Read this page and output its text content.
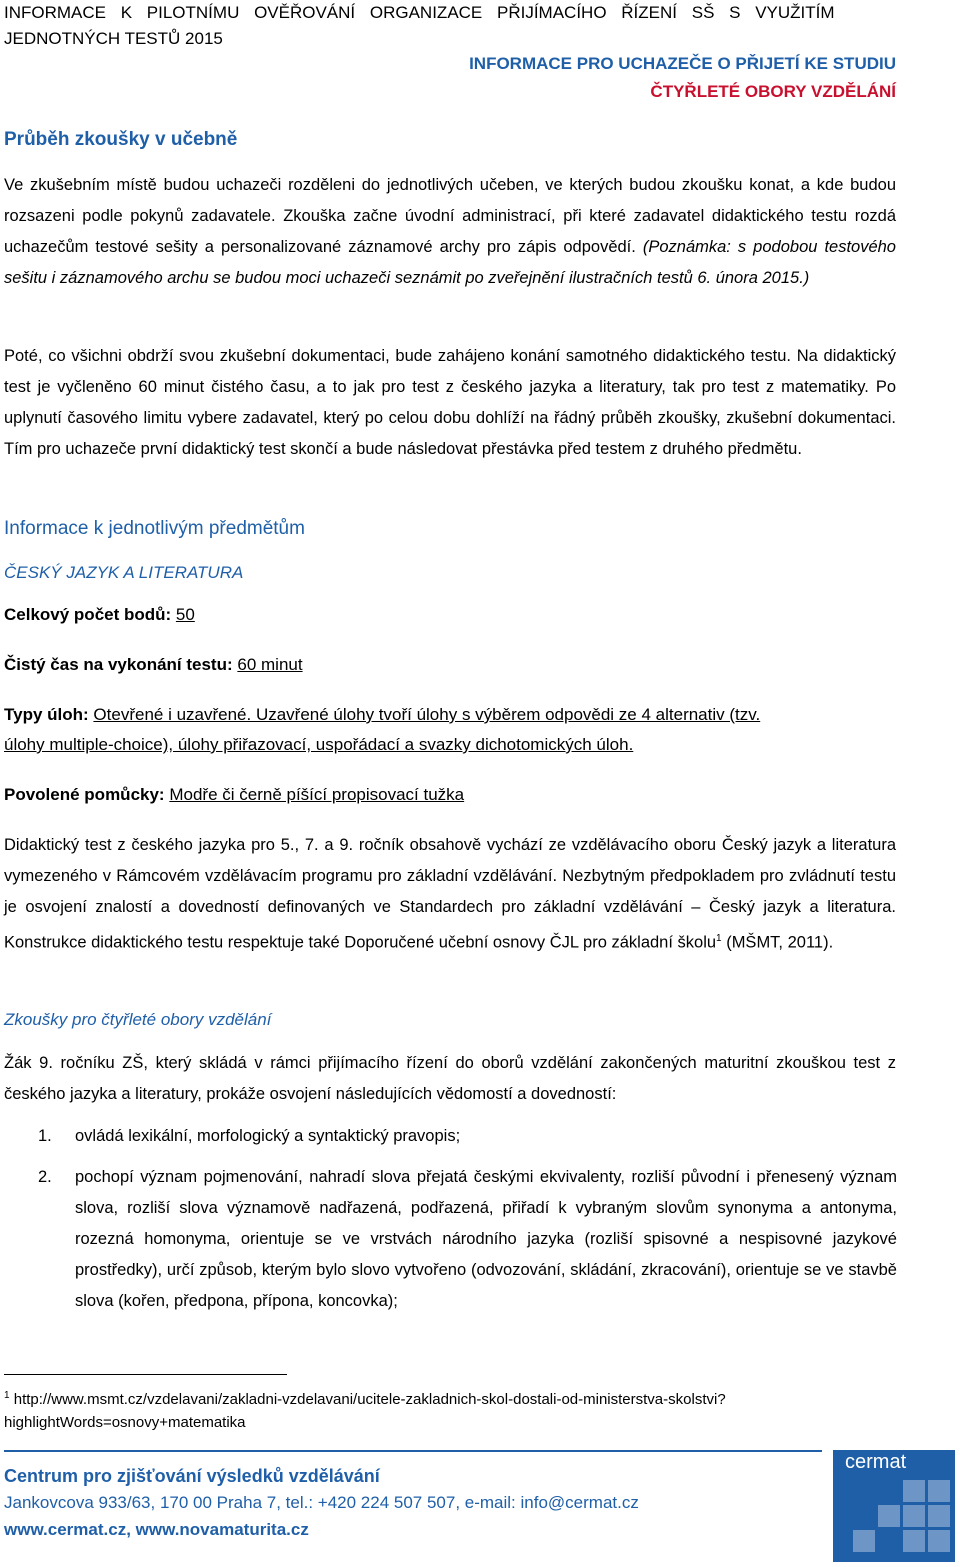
INFORMACE K PILOTNÍMU OVĚŘOVÁNÍ ORGANIZACE PŘIJÍMACÍHO ŘÍZENÍ SŠ S VYUŽITÍM
JEDNOTNÝCH TESTŮ 2015
INFORMACE PRO UCHAZEČE O PŘIJETÍ KE STUDIU
ČTYŘLETÉ OBORY VZDĚLÁNÍ
Průběh zkoušky v učebně

Ve zkušebním místě budou uchazeči rozděleni do jednotlivých učeben, ve kterých budou zkoušku konat, a kde budou rozsazeni podle pokynů zadavatele. Zkouška začne úvodní administrací, při které zadavatel didaktického testu rozdá uchazečům testové sešity a personalizované záznamové archy pro zápis odpovědí. (Poznámka: s podobou testového sešitu i záznamového archu se budou moci uchazeči seznámit po zveřejnění ilustračních testů 6. února 2015.)

Poté, co všichni obdrží svou zkušební dokumentaci, bude zahájeno konání samotného didaktického testu. Na didaktický test je vyčleněno 60 minut čistého času, a to jak pro test z českého jazyka a literatury, tak pro test z matematiky. Po uplynutí časového limitu vybere zadavatel, který po celou dobu dohlíží na řádný průběh zkoušky, zkušební dokumentaci. Tím pro uchazeče první didaktický test skončí a bude následovat přestávka před testem z druhého předmětu.

Informace k jednotlivým předmětům
ČESKÝ JAZYK A LITERATURA
Celkový počet bodů: 50
Čistý čas na vykonání testu: 60 minut
Typy úloh: Otevřené i uzavřené. Uzavřené úlohy tvoří úlohy s výběrem odpovědi ze 4 alternativ (tzv.
úlohy multiple-choice), úlohy přiřazovací, uspořádací a svazky dichotomických úloh.
Povolené pomůcky: Modře či černě píšící propisovací tužka

Didaktický test z českého jazyka pro 5., 7. a 9. ročník obsahově vychází ze vzdělávacího oboru Český jazyk a literatura vymezeného v Rámcovém vzdělávacím programu pro základní vzdělávání. Nezbytným předpokladem pro zvládnutí testu je osvojení znalostí a dovedností definovaných ve Standardech pro základní vzdělávání – Český jazyk a literatura. Konstrukce didaktického testu respektuje také Doporučené učební osnovy ČJL pro základní školu$^1$ (MŠMT, 2011).

Zkoušky pro čtyřleté obory vzdělání

Žák 9. ročníku ZŠ, který skládá v rámci přijímacího řízení do oborů vzdělání zakončených maturitní zkouškou test z českého jazyka a literatury, prokáže osvojení následujících vědomostí a dovedností:

1. ovládá lexikální, morfologický a syntaktický pravopis;
2. pochopí význam pojmenování, nahradí slova přejatá českými ekvivalenty, rozliší původní i přenesený význam slova, rozliší slova významově nadřazená, podřazená, přiřadí k vybraným slovům synonyma a antonyma, rozezná homonyma, orientuje se ve vrstvách národního jazyka (rozliší spisovné a nespisovné jazykové prostředky), určí způsob, kterým bylo slovo vytvořeno (odvozování, skládání, zkracování), orientuje se ve stavbě slova (kořen, předpona, přípona, koncovka);
$^1$ http://www.msmt.cz/vzdelavani/zakladni-vzdelavani/ucitele-zakladnich-skol-dostali-od-ministerstva-skolstvi?highlightWords=osnovy+matematika
Centrum pro zjišťování výsledků vzdělávání
Jankovcova 933/63, 170 00 Praha 7, tel.: +420 224 507 507, e-mail: info@cermat.cz
www.cermat.cz, www.novamaturita.cz
cermat
